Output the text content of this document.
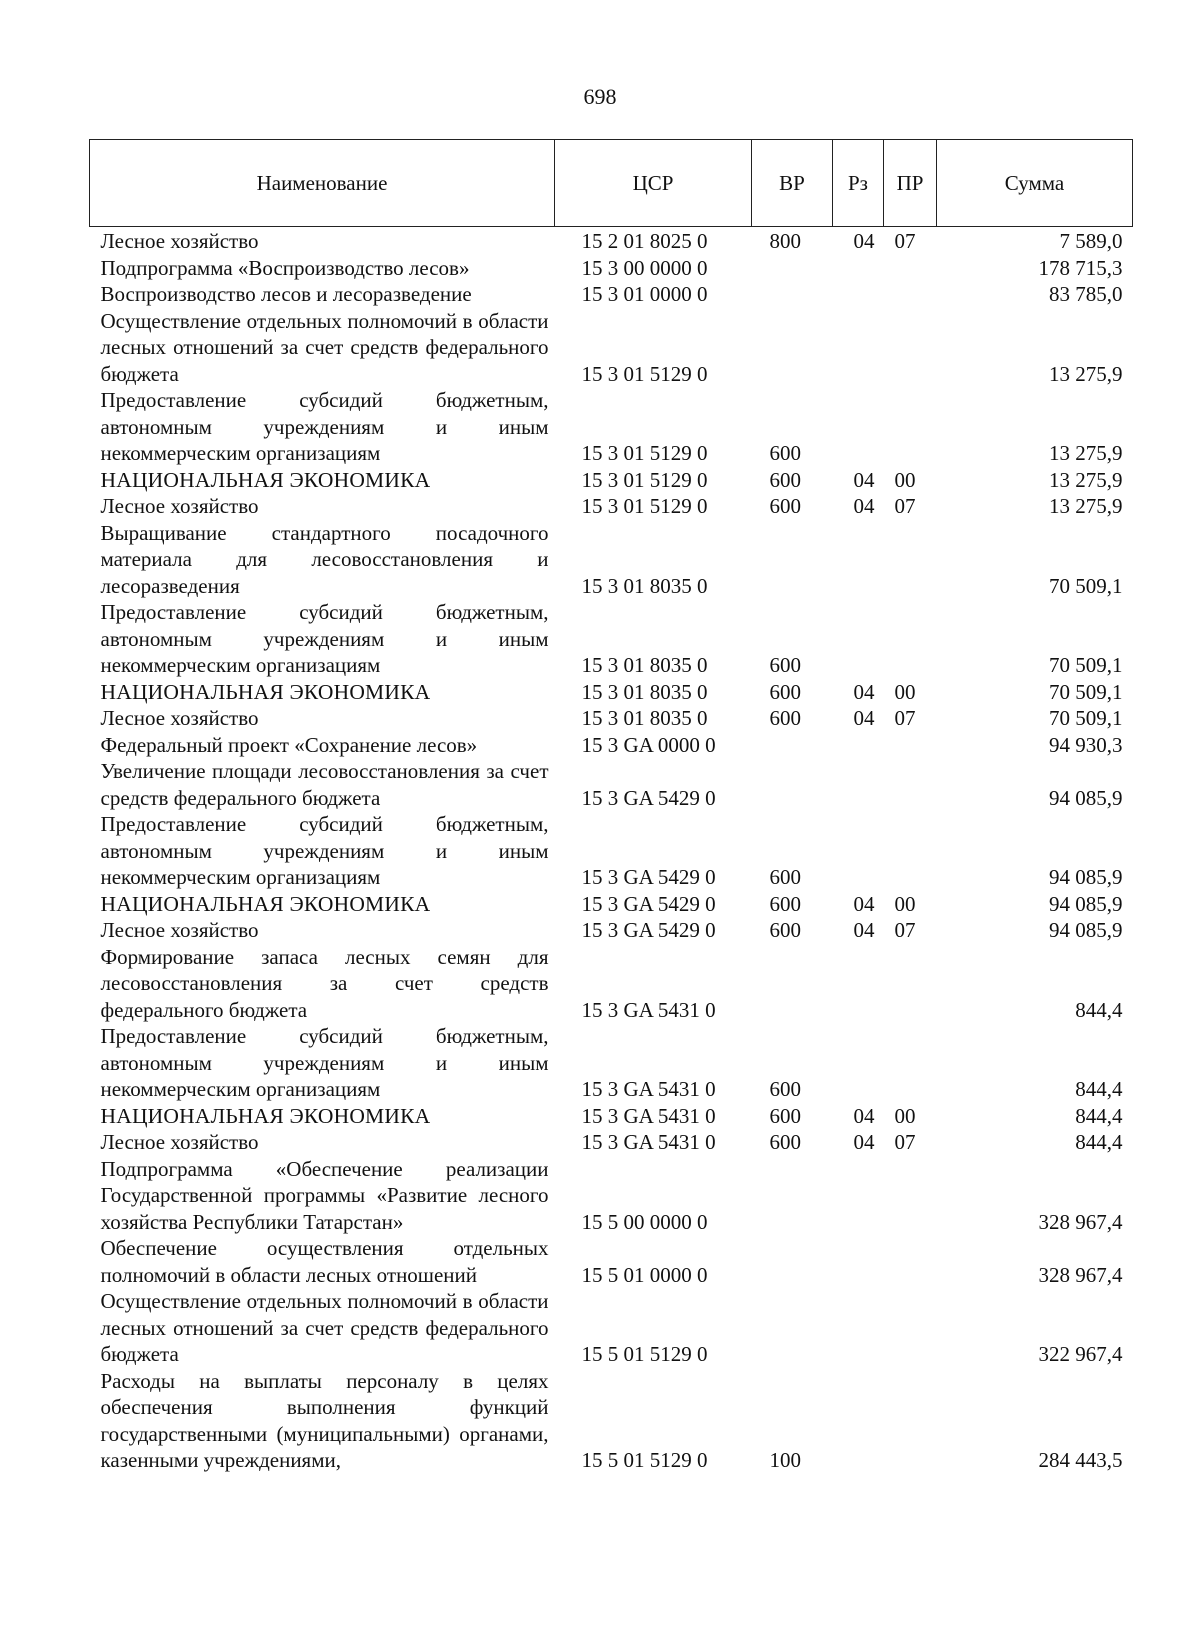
698
Наименование	ЦСР	ВР	Рз	ПР	Сумма
Лесное хозяйство	15 2 01 8025 0	800	04	07	7 589,0
Подпрограмма «Воспроизводство лесов»	15 3 00 0000 0				178 715,3
Воспроизводство лесов и лесоразведение	15 3 01 0000 0				83 785,0
Осуществление отдельных полномочий в области лесных отношений за счет средств федерального бюджета	15 3 01 5129 0				13 275,9
Предоставление субсидий бюджетным, автономным учреждениям и иным некоммерческим организациям	15 3 01 5129 0	600			13 275,9
НАЦИОНАЛЬНАЯ ЭКОНОМИКА	15 3 01 5129 0	600	04	00	13 275,9
Лесное хозяйство	15 3 01 5129 0	600	04	07	13 275,9
Выращивание стандартного посадочного материала для лесовосстановления и лесоразведения	15 3 01 8035 0				70 509,1
Предоставление субсидий бюджетным, автономным учреждениям и иным некоммерческим организациям	15 3 01 8035 0	600			70 509,1
НАЦИОНАЛЬНАЯ ЭКОНОМИКА	15 3 01 8035 0	600	04	00	70 509,1
Лесное хозяйство	15 3 01 8035 0	600	04	07	70 509,1
Федеральный проект «Сохранение лесов»	15 3 GA 0000 0				94 930,3
Увеличение площади лесовосстановления за счет средств федерального бюджета	15 3 GA 5429 0				94 085,9
Предоставление субсидий бюджетным, автономным учреждениям и иным некоммерческим организациям	15 3 GA 5429 0	600			94 085,9
НАЦИОНАЛЬНАЯ ЭКОНОМИКА	15 3 GA 5429 0	600	04	00	94 085,9
Лесное хозяйство	15 3 GA 5429 0	600	04	07	94 085,9
Формирование запаса лесных семян для лесовосстановления за счет средств федерального бюджета	15 3 GA 5431 0				844,4
Предоставление субсидий бюджетным, автономным учреждениям и иным некоммерческим организациям	15 3 GA 5431 0	600			844,4
НАЦИОНАЛЬНАЯ ЭКОНОМИКА	15 3 GA 5431 0	600	04	00	844,4
Лесное хозяйство	15 3 GA 5431 0	600	04	07	844,4
Подпрограмма «Обеспечение реализации Государственной программы «Развитие лесного хозяйства Республики Татарстан»	15 5 00 0000 0				328 967,4
Обеспечение осуществления отдельных полномочий в области лесных отношений	15 5 01 0000 0				328 967,4
Осуществление отдельных полномочий в области лесных отношений за счет средств федерального бюджета	15 5 01 5129 0				322 967,4
Расходы на выплаты персоналу в целях обеспечения выполнения функций государственными (муниципальными) органами, казенными учреждениями,	15 5 01 5129 0	100			284 443,5
